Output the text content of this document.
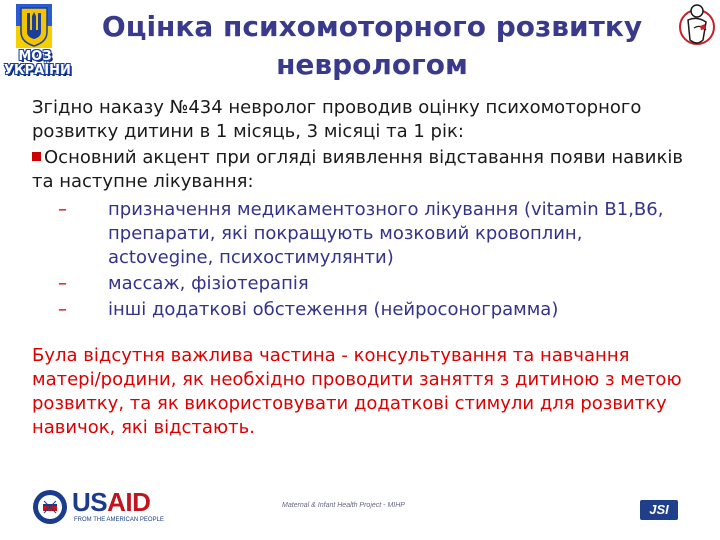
МОЗ УКРАЇНИ
Оцінка психомоторного розвитку
неврологом

Згідно наказу №434 невролог проводив оцінку психомоторного розвитку дитини в 1 місяць, 3 місяці та 1 рік:

Основний акцент при огляді виявлення відставання появи навиків та наступне лікування:

– призначення медикаментозного лікування (vitamin В1,В6, препарати, які покращують мозковий кровоплин, actovegine, психостимулянти)
– массаж, фізіотерапія
– інші додаткові обстеження (нейросонограмма)

Була відсутня важлива частина - консультування та навчання матері/родини, як необхідно проводити заняття з дитиною з метою розвитку, та як використовувати додаткові стимули для розвитку навичок, які відстають.

USAID
FROM THE AMERICAN PEOPLE
Maternal & Infant Health Project - MIHP	JSI
